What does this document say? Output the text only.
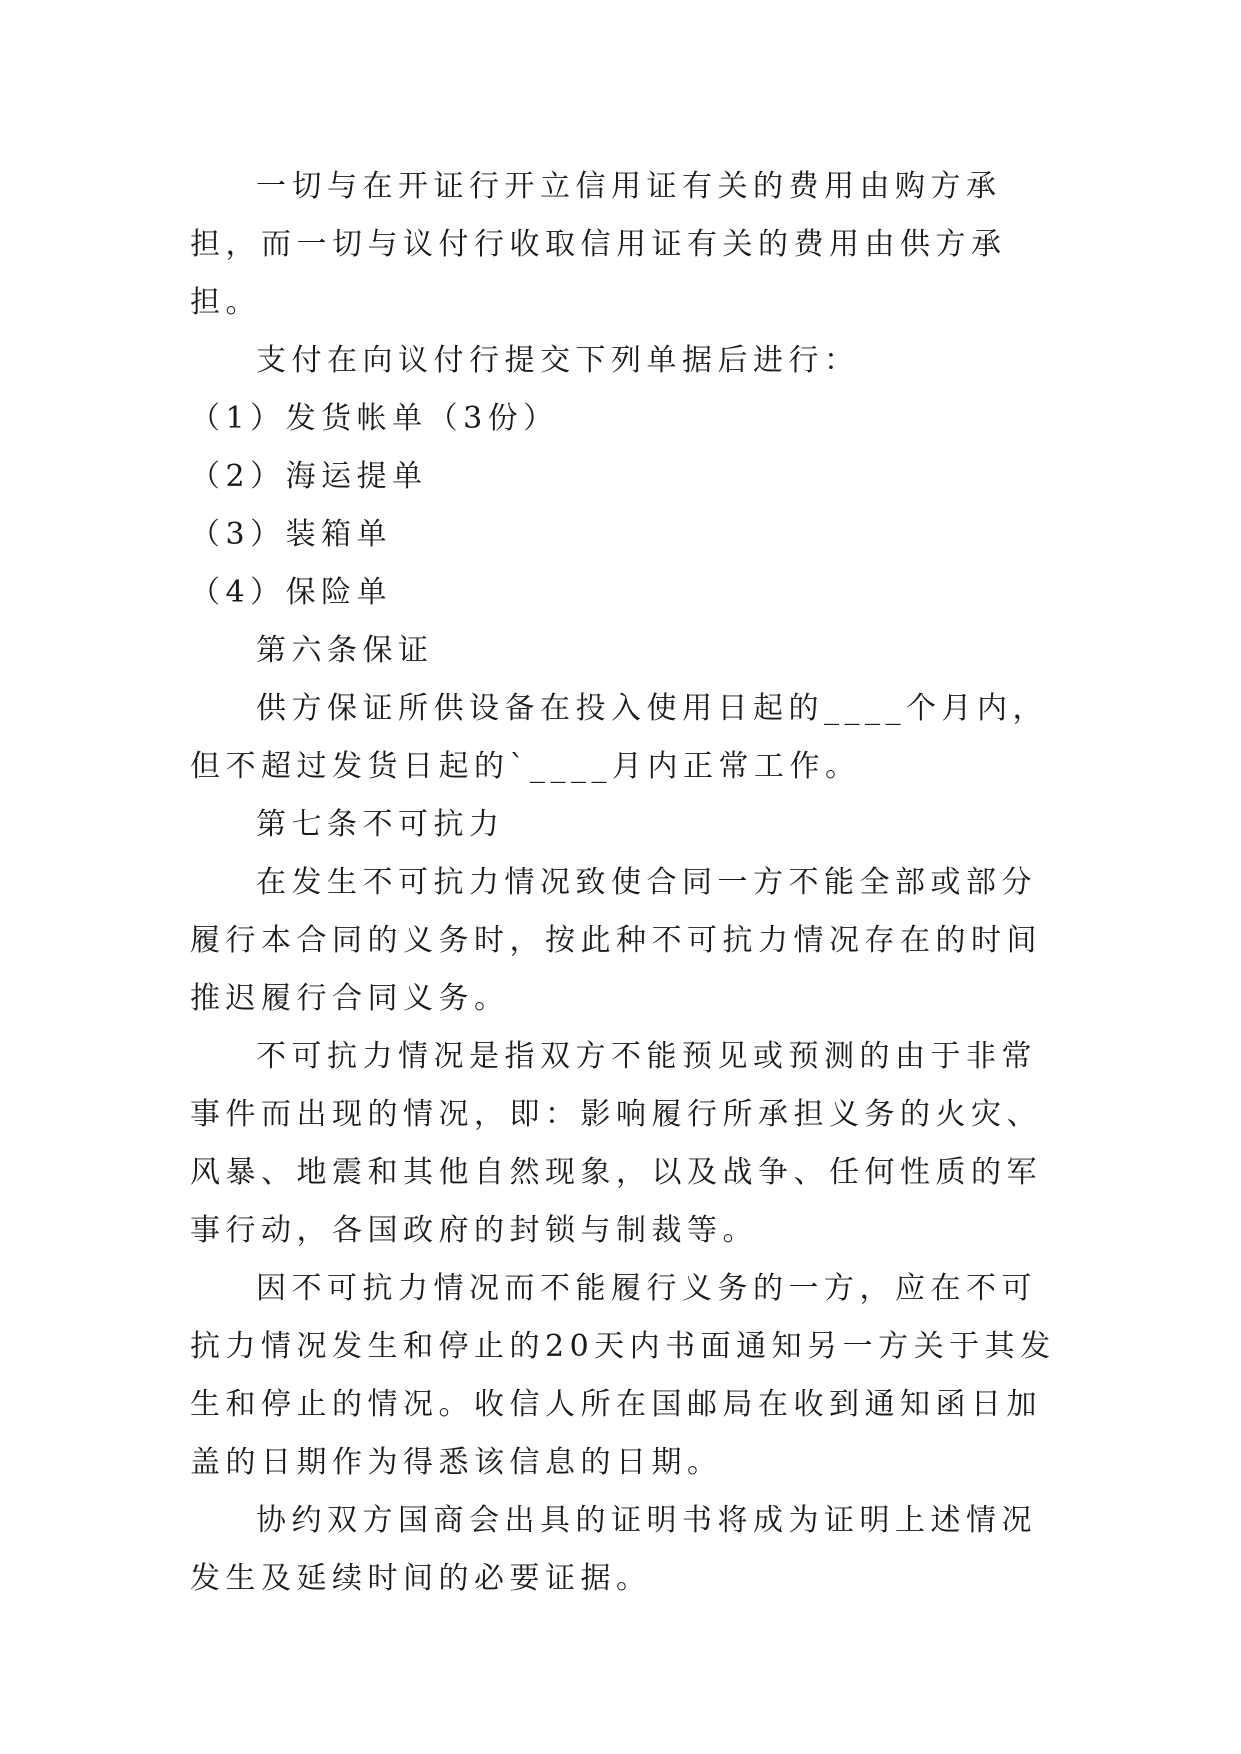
一切与在开证行开立信用证有关的费用由购方承担，而一切与议付行收取信用证有关的费用由供方承担。

支付在向议付行提交下列单据后进行：

（1）发货帐单（3份）

（2）海运提单

（3）装箱单

（4）保险单

第六条保证

供方保证所供设备在投入使用日起的____个月内，但不超过发货日起的`____月内正常工作。

第七条不可抗力

在发生不可抗力情况致使合同一方不能全部或部分履行本合同的义务时，按此种不可抗力情况存在的时间推迟履行合同义务。

不可抗力情况是指双方不能预见或预测的由于非常事件而出现的情况，即：影响履行所承担义务的火灾、风暴、地震和其他自然现象，以及战争、任何性质的军事行动，各国政府的封锁与制裁等。

因不可抗力情况而不能履行义务的一方，应在不可抗力情况发生和停止的20天内书面通知另一方关于其发生和停止的情况。收信人所在国邮局在收到通知函日加盖的日期作为得悉该信息的日期。

协约双方国商会出具的证明书将成为证明上述情况发生及延续时间的必要证据。
